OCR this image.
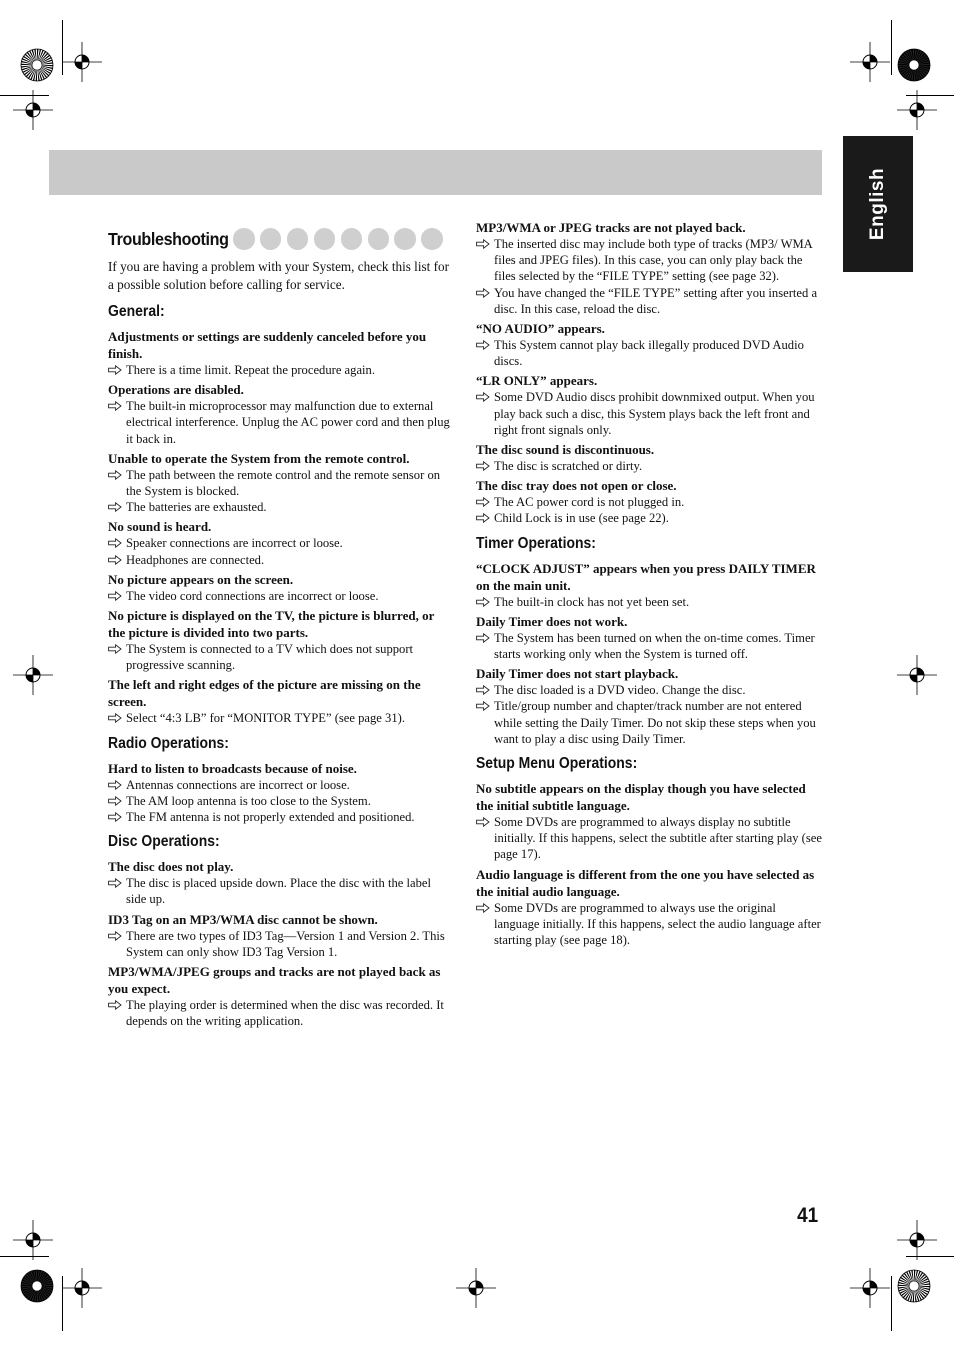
English
Troubleshooting

If you are having a problem with your System, check this list for a possible solution before calling for service.

General:
Adjustments or settings are suddenly canceled before you finish.
There is a time limit. Repeat the procedure again.
Operations are disabled.
The built-in microprocessor may malfunction due to external electrical interference. Unplug the AC power cord and then plug it back in.
Unable to operate the System from the remote control.
The path between the remote control and the remote sensor on the System is blocked.
The batteries are exhausted.
No sound is heard.
Speaker connections are incorrect or loose.
Headphones are connected.
No picture appears on the screen.
The video cord connections are incorrect or loose.
No picture is displayed on the TV, the picture is blurred, or the picture is divided into two parts.
The System is connected to a TV which does not support progressive scanning.
The left and right edges of the picture are missing on the screen.
Select “4:3 LB” for “MONITOR TYPE” (see page 31).
Radio Operations:
Hard to listen to broadcasts because of noise.
Antennas connections are incorrect or loose.
The AM loop antenna is too close to the System.
The FM antenna is not properly extended and positioned.
Disc Operations:
The disc does not play.
The disc is placed upside down. Place the disc with the label side up.
ID3 Tag on an MP3/WMA disc cannot be shown.
There are two types of ID3 Tag—Version 1 and Version 2. This System can only show ID3 Tag Version 1.
MP3/WMA/JPEG groups and tracks are not played back as you expect.
The playing order is determined when the disc was recorded. It depends on the writing application.
MP3/WMA or JPEG tracks are not played back.
The inserted disc may include both type of tracks (MP3/ WMA files and JPEG files). In this case, you can only play back the files selected by the “FILE TYPE” setting (see page 32).
You have changed the “FILE TYPE” setting after you inserted a disc. In this case, reload the disc.
“NO AUDIO” appears.
This System cannot play back illegally produced DVD Audio discs.
“LR ONLY” appears.
Some DVD Audio discs prohibit downmixed output. When you play back such a disc, this System plays back the left front and right front signals only.
The disc sound is discontinuous.
The disc is scratched or dirty.
The disc tray does not open or close.
The AC power cord is not plugged in.
Child Lock is in use (see page 22).
Timer Operations:
“CLOCK ADJUST” appears when you press DAILY TIMER on the main unit.
The built-in clock has not yet been set.
Daily Timer does not work.
The System has been turned on when the on-time comes. Timer starts working only when the System is turned off.
Daily Timer does not start playback.
The disc loaded is a DVD video. Change the disc.
Title/group number and chapter/track number are not entered while setting the Daily Timer. Do not skip these steps when you want to play a disc using Daily Timer.
Setup Menu Operations:
No subtitle appears on the display though you have selected the initial subtitle language.
Some DVDs are programmed to always display no subtitle initially. If this happens, select the subtitle after starting play (see page 17).
Audio language is different from the one you have selected as the initial audio language.
Some DVDs are programmed to always use the original language initially. If this happens, select the audio language after starting play (see page 18).
41
